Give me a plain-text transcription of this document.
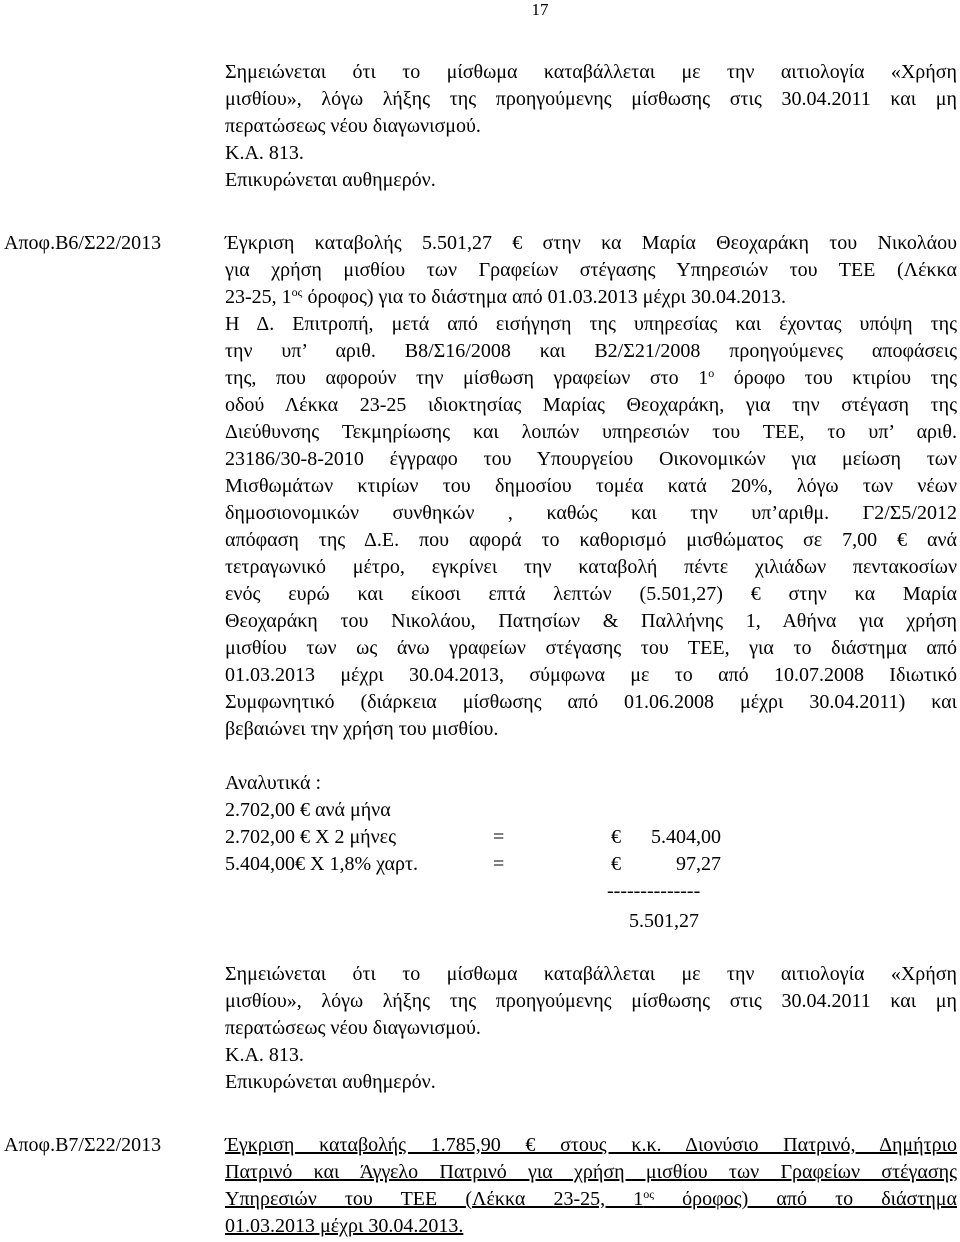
17
Σημειώνεται ότι το μίσθωμα καταβάλλεται με την αιτιολογία «Χρήση
μισθίου», λόγω λήξης της προηγούμενης μίσθωσης στις 30.04.2011 και μη
περατώσεως νέου διαγωνισμού.
Κ.Α. 813.
Επικυρώνεται αυθημερόν.
Αποφ.Β6/Σ22/2013	Έγκριση καταβολής 5.501,27 € στην κα Μαρία Θεοχαράκη του Νικολάου
για χρήση μισθίου των Γραφείων στέγασης Υπηρεσιών του ΤΕΕ (Λέκκα
23-25, $1^{o\varsigma}$ όροφος) για το διάστημα από 01.03.2013 μέχρι 30.04.2013.
Η Δ. Επιτροπή, μετά από εισήγηση της υπηρεσίας και έχοντας υπόψη της
την υπ’ αριθ. Β8/Σ16/2008 και Β2/Σ21/2008 προηγούμενες αποφάσεις
της, που αφορούν την μίσθωση γραφείων στο $1^o$ όροφο του κτιρίου της
οδού Λέκκα 23-25 ιδιοκτησίας Μαρίας Θεοχαράκη, για την στέγαση της
Διεύθυνσης Τεκμηρίωσης και λοιπών υπηρεσιών του ΤΕΕ, το υπ’ αριθ.
23186/30-8-2010 έγγραφο του Υπουργείου Οικονομικών για μείωση των
Μισθωμάτων κτιρίων του δημοσίου τομέα κατά 20%, λόγω των νέων
δημοσιονομικών συνθηκών , καθώς και την υπ’αριθμ. Γ2/Σ5/2012
απόφαση της Δ.Ε. που αφορά το καθορισμό μισθώματος σε 7,00 € ανά
τετραγωνικό μέτρο, εγκρίνει την καταβολή πέντε χιλιάδων πεντακοσίων
ενός ευρώ και είκοσι επτά λεπτών (5.501,27) € στην κα Μαρία
Θεοχαράκη του Νικολάου, Πατησίων & Παλλήνης 1, Αθήνα για χρήση
μισθίου των ως άνω γραφείων στέγασης του ΤΕΕ, για το διάστημα από
01.03.2013 μέχρι 30.04.2013, σύμφωνα με το από 10.07.2008 Ιδιωτικό
Συμφωνητικό (διάρκεια μίσθωσης από 01.06.2008 μέχρι 30.04.2011) και
βεβαιώνει την χρήση του μισθίου.
Αναλυτικά :
2.702,00 € ανά μήνα
2.702,00 € Χ 2 μήνες	=	€	5.404,00
5.404,00€ Χ 1,8% χαρτ.	=	€	97,27
--------------
5.501,27
Σημειώνεται ότι το μίσθωμα καταβάλλεται με την αιτιολογία «Χρήση
μισθίου», λόγω λήξης της προηγούμενης μίσθωσης στις 30.04.2011 και μη
περατώσεως νέου διαγωνισμού.
Κ.Α. 813.
Επικυρώνεται αυθημερόν.
Αποφ.Β7/Σ22/2013	Έγκριση καταβολής 1.785,90 € στους κ.κ. Διονύσιο Πατρινό, Δημήτριο
Πατρινό και Άγγελο Πατρινό για χρήση μισθίου των Γραφείων στέγασης
Υπηρεσιών του ΤΕΕ (Λέκκα 23-25, $1^{o\varsigma}$ όροφος) από το διάστημα
01.03.2013 μέχρι 30.04.2013.
